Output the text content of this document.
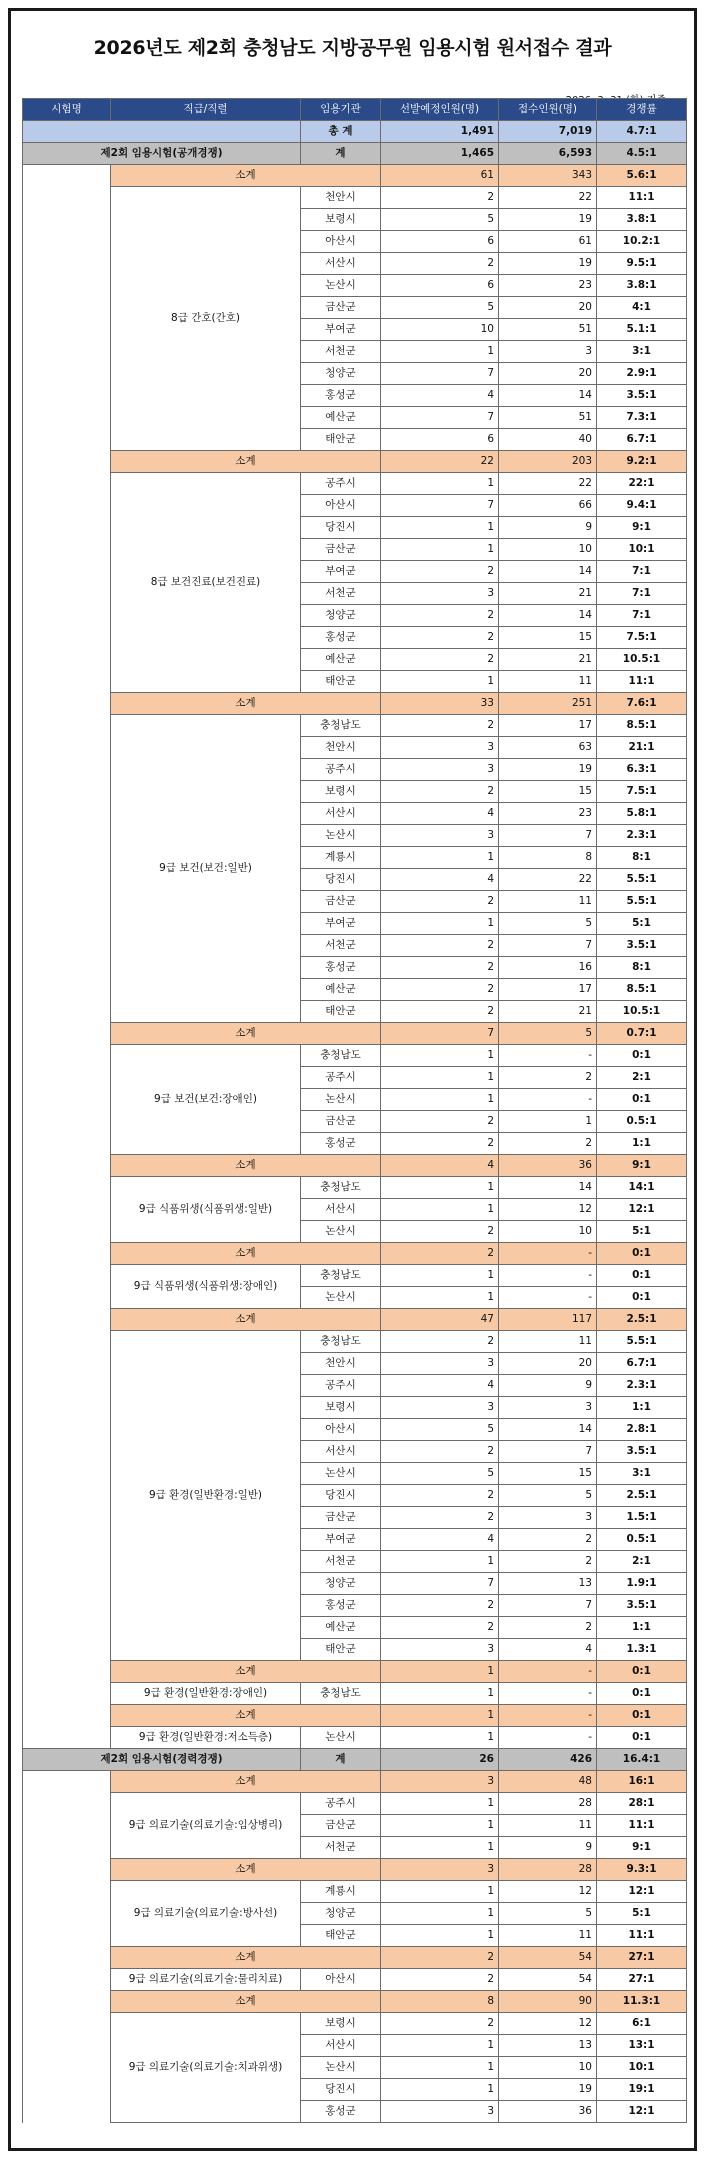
2026년도 제2회 충청남도 지방공무원 임용시험 원서접수 결과
시험명	직급/직렬	임용기관	선발예정인원(명)	접수인원(명)	경쟁률
		총 계	1,491	7,019	4.7:1
제2회 임용시험(공개경쟁)		계	1,465	6,593	4.5:1
	소계		61	343	5.6:1
	8급 간호(간호)	천안시	2	22	11:1
		보령시	5	19	3.8:1
		아산시	6	61	10.2:1
		서산시	2	19	9.5:1
		논산시	6	23	3.8:1
		금산군	5	20	4:1
		부여군	10	51	5.1:1
		서천군	1	3	3:1
		청양군	7	20	2.9:1
		홍성군	4	14	3.5:1
		예산군	7	51	7.3:1
		태안군	6	40	6.7:1
	소계		22	203	9.2:1
	8급 보건진료(보건진료)	공주시	1	22	22:1
		아산시	7	66	9.4:1
		당진시	1	9	9:1
		금산군	1	10	10:1
		부여군	2	14	7:1
		서천군	3	21	7:1
		청양군	2	14	7:1
		홍성군	2	15	7.5:1
		예산군	2	21	10.5:1
		태안군	1	11	11:1
	소계		33	251	7.6:1
	9급 보건(보건:일반)	충청남도	2	17	8.5:1
		천안시	3	63	21:1
		공주시	3	19	6.3:1
		보령시	2	15	7.5:1
		서산시	4	23	5.8:1
		논산시	3	7	2.3:1
		계룡시	1	8	8:1
		당진시	4	22	5.5:1
		금산군	2	11	5.5:1
		부여군	1	5	5:1
		서천군	2	7	3.5:1
		홍성군	2	16	8:1
		예산군	2	17	8.5:1
		태안군	2	21	10.5:1
	소계		7	5	0.7:1
	9급 보건(보건:장애인)	충청남도	1	-	0:1
		공주시	1	2	2:1
		논산시	1	-	0:1
		금산군	2	1	0.5:1
		홍성군	2	2	1:1
	소계		4	36	9:1
	9급 식품위생(식품위생:일반)	충청남도	1	14	14:1
		서산시	1	12	12:1
		논산시	2	10	5:1
	소계		2	-	0:1
	9급 식품위생(식품위생:장애인)	충청남도	1	-	0:1
		논산시	1	-	0:1
	소계		47	117	2.5:1
	9급 환경(일반환경:일반)	충청남도	2	11	5.5:1
		천안시	3	20	6.7:1
		공주시	4	9	2.3:1
		보령시	3	3	1:1
		아산시	5	14	2.8:1
		서산시	2	7	3.5:1
		논산시	5	15	3:1
		당진시	2	5	2.5:1
		금산군	2	3	1.5:1
		부여군	4	2	0.5:1
		서천군	1	2	2:1
		청양군	7	13	1.9:1
		홍성군	2	7	3.5:1
		예산군	2	2	1:1
		태안군	3	4	1.3:1
	소계		1	-	0:1
	9급 환경(일반환경:장애인)	충청남도	1	-	0:1
	소계		1	-	0:1
	9급 환경(일반환경:저소득층)	논산시	1	-	0:1
제2회 임용시험(경력경쟁)		계	26	426	16.4:1
	소계		3	48	16:1
	9급 의료기술(의료기술:임상병리)	공주시	1	28	28:1
		금산군	1	11	11:1
		서천군	1	9	9:1
	소계		3	28	9.3:1
	9급 의료기술(의료기술:방사선)	계룡시	1	12	12:1
		청양군	1	5	5:1
		태안군	1	11	11:1
	소계		2	54	27:1
	9급 의료기술(의료기술:물리치료)	아산시	2	54	27:1
	소계		8	90	11.3:1
	9급 의료기술(의료기술:치과위생)	보령시	2	12	6:1
		서산시	1	13	13:1
		논산시	1	10	10:1
		당진시	1	19	19:1
		홍성군	3	36	12:1
